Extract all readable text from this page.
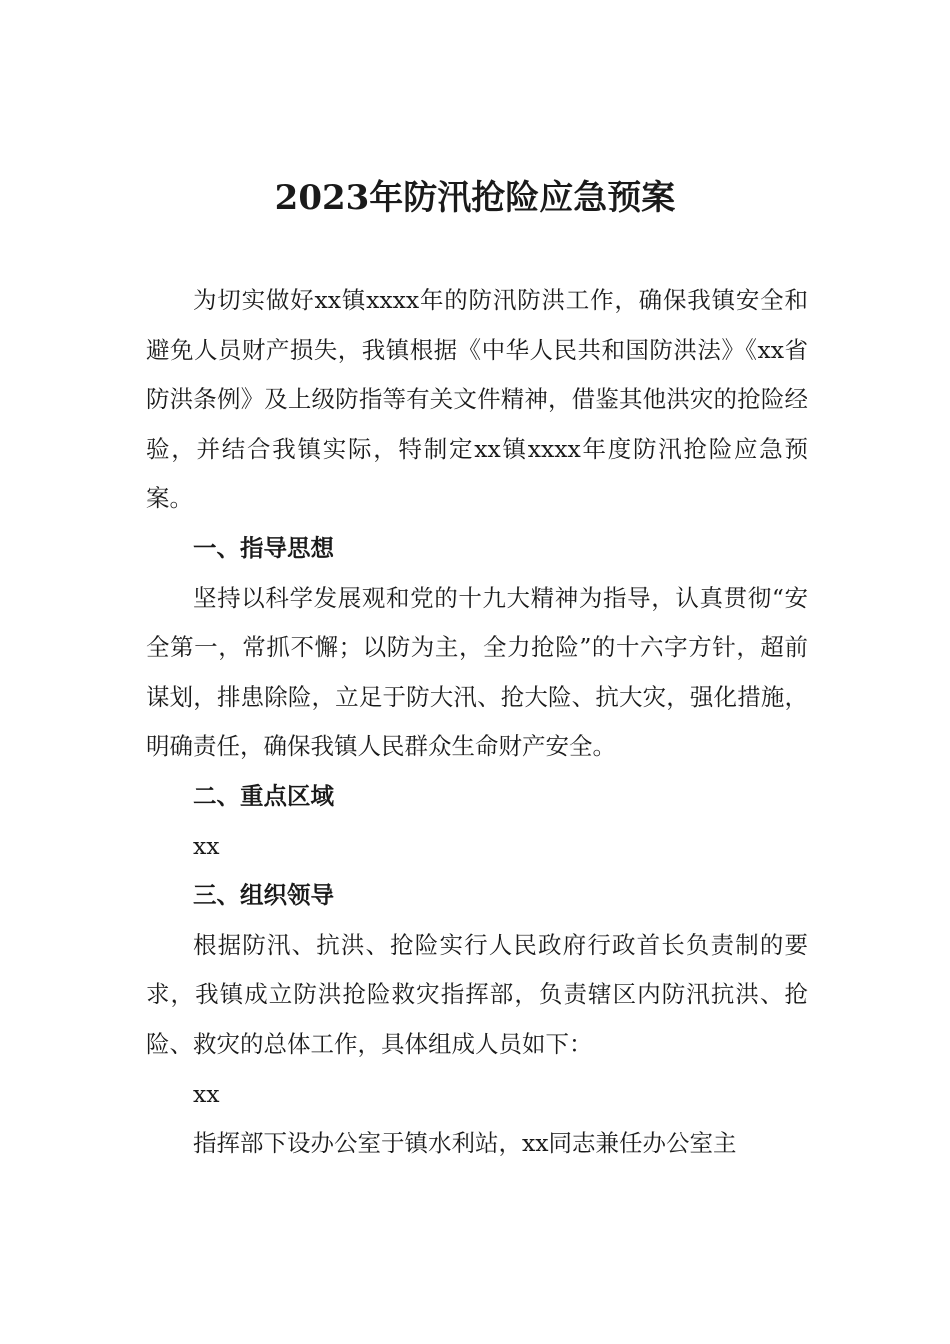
2023年防汛抢险应急预案

为切实做好xx镇xxxx年的防汛防洪工作，确保我镇安全和避免人员财产损失，我镇根据《中华人民共和国防洪法》《xx省防洪条例》及上级防指等有关文件精神，借鉴其他洪灾的抢险经验，并结合我镇实际，特制定xx镇xxxx年度防汛抢险应急预案。

一、指导思想

坚持以科学发展观和党的十九大精神为指导，认真贯彻“安全第一，常抓不懈；以防为主，全力抢险”的十六字方针，超前谋划，排患除险，立足于防大汛、抢大险、抗大灾，强化措施，明确责任，确保我镇人民群众生命财产安全。

二、重点区域

xx

三、组织领导

根据防汛、抗洪、抢险实行人民政府行政首长负责制的要求，我镇成立防洪抢险救灾指挥部，负责辖区内防汛抗洪、抢险、救灾的总体工作，具体组成人员如下：

xx

指挥部下设办公室于镇水利站，xx同志兼任办公室主
